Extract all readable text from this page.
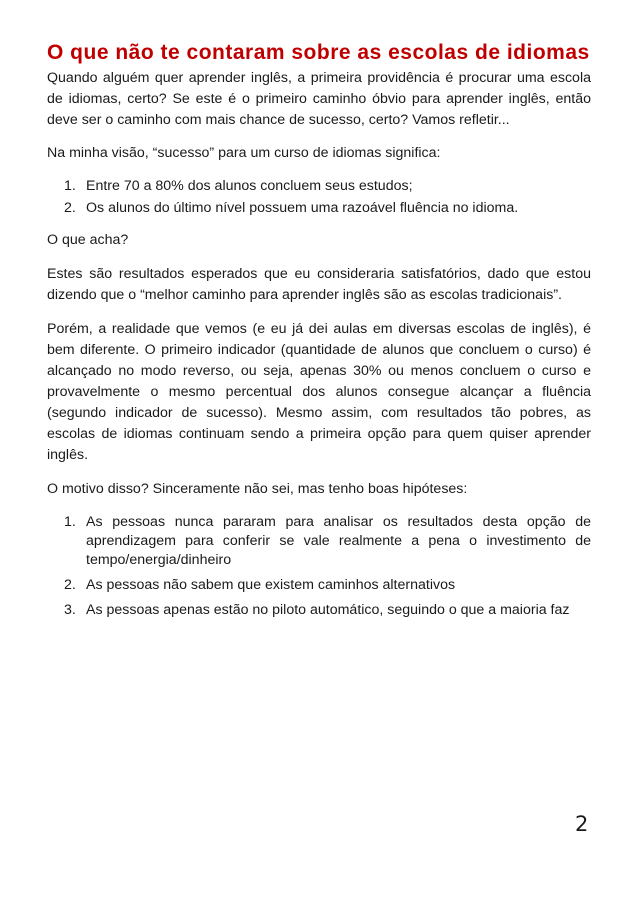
O que não te contaram sobre as escolas de idiomas

Quando alguém quer aprender inglês, a primeira providência é procurar uma escola de idiomas, certo? Se este é o primeiro caminho óbvio para aprender inglês, então deve ser o caminho com mais chance de sucesso, certo? Vamos refletir...

Na minha visão, “sucesso” para um curso de idiomas significa:

1. Entre 70 a 80% dos alunos concluem seus estudos;
2. Os alunos do último nível possuem uma razoável fluência no idioma.

O que acha?

Estes são resultados esperados que eu consideraria satisfatórios, dado que estou dizendo que o “melhor caminho para aprender inglês são as escolas tradicionais”.

Porém, a realidade que vemos (e eu já dei aulas em diversas escolas de inglês), é bem diferente. O primeiro indicador (quantidade de alunos que concluem o curso) é alcançado no modo reverso, ou seja, apenas 30% ou menos concluem o curso e provavelmente o mesmo percentual dos alunos consegue alcançar a fluência (segundo indicador de sucesso). Mesmo assim, com resultados tão pobres, as escolas de idiomas continuam sendo a primeira opção para quem quiser aprender inglês.

O motivo disso? Sinceramente não sei, mas tenho boas hipóteses:

1. As pessoas nunca pararam para analisar os resultados desta opção de aprendizagem para conferir se vale realmente a pena o investimento de tempo/energia/dinheiro
2. As pessoas não sabem que existem caminhos alternativos
3. As pessoas apenas estão no piloto automático, seguindo o que a maioria faz
2
